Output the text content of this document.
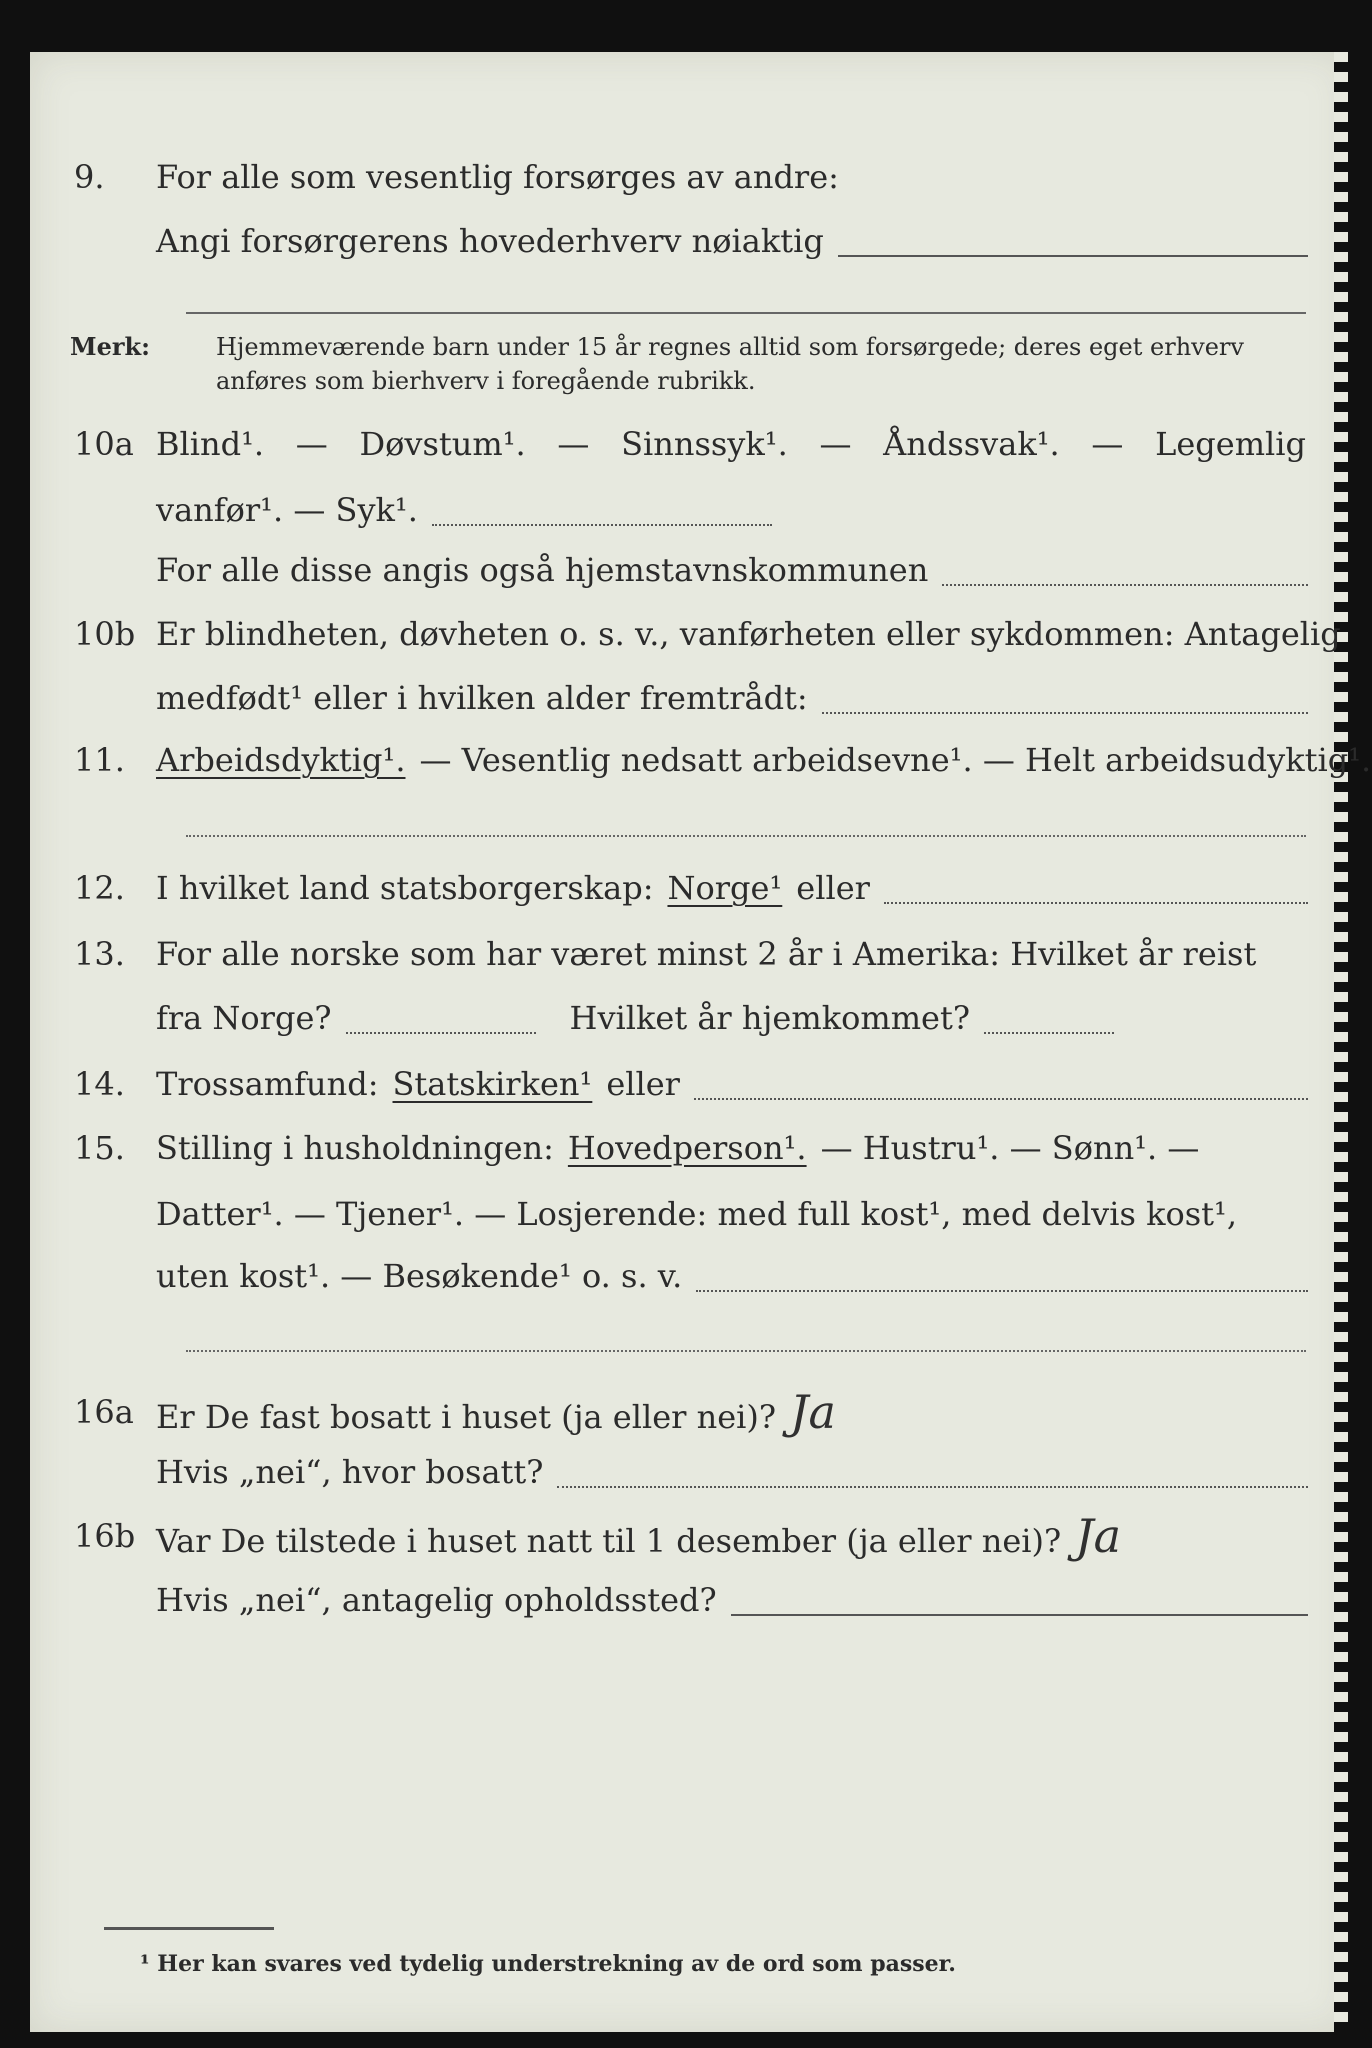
9.	For alle som vesentlig forsørges av andre:
Angi forsørgerens hovederhverv nøiaktig
Merk:	Hjemmeværende barn under 15 år regnes alltid som forsørgede; deres eget erhverv
anføres som bierhverv i foregående rubrikk.
10a Blind¹. — Døvstum¹. — Sinnssyk¹. — Åndssvak¹. — Legemlig
vanfør¹. — Syk¹.
For alle disse angis også hjemstavnskommunen
10b Er blindheten, døvheten o. s. v., vanførheten eller sykdommen: Antagelig
medfødt¹ eller i hvilken alder fremtrådt:
11. Arbeidsdyktig¹. — Vesentlig nedsatt arbeidsevne¹. — Helt arbeidsudyktig¹.
12. I hvilket land statsborgerskap: Norge¹ eller
13. For alle norske som har været minst 2 år i Amerika: Hvilket år reist
fra Norge?	Hvilket år hjemkommet?
14. Trossamfund: Statskirken¹ eller
15. Stilling i husholdningen: Hovedperson¹. — Hustru¹. — Sønn¹. —
Datter¹. — Tjener¹. — Losjerende: med full kost¹, med delvis kost¹,
uten kost¹. — Besøkende¹ o. s. v.
16a Er De fast bosatt i huset (ja eller nei)? Ja
Hvis „nei“, hvor bosatt?
16b Var De tilstede i huset natt til 1 desember (ja eller nei)? Ja
Hvis „nei“, antagelig opholdssted?
¹ Her kan svares ved tydelig understrekning av de ord som passer.
